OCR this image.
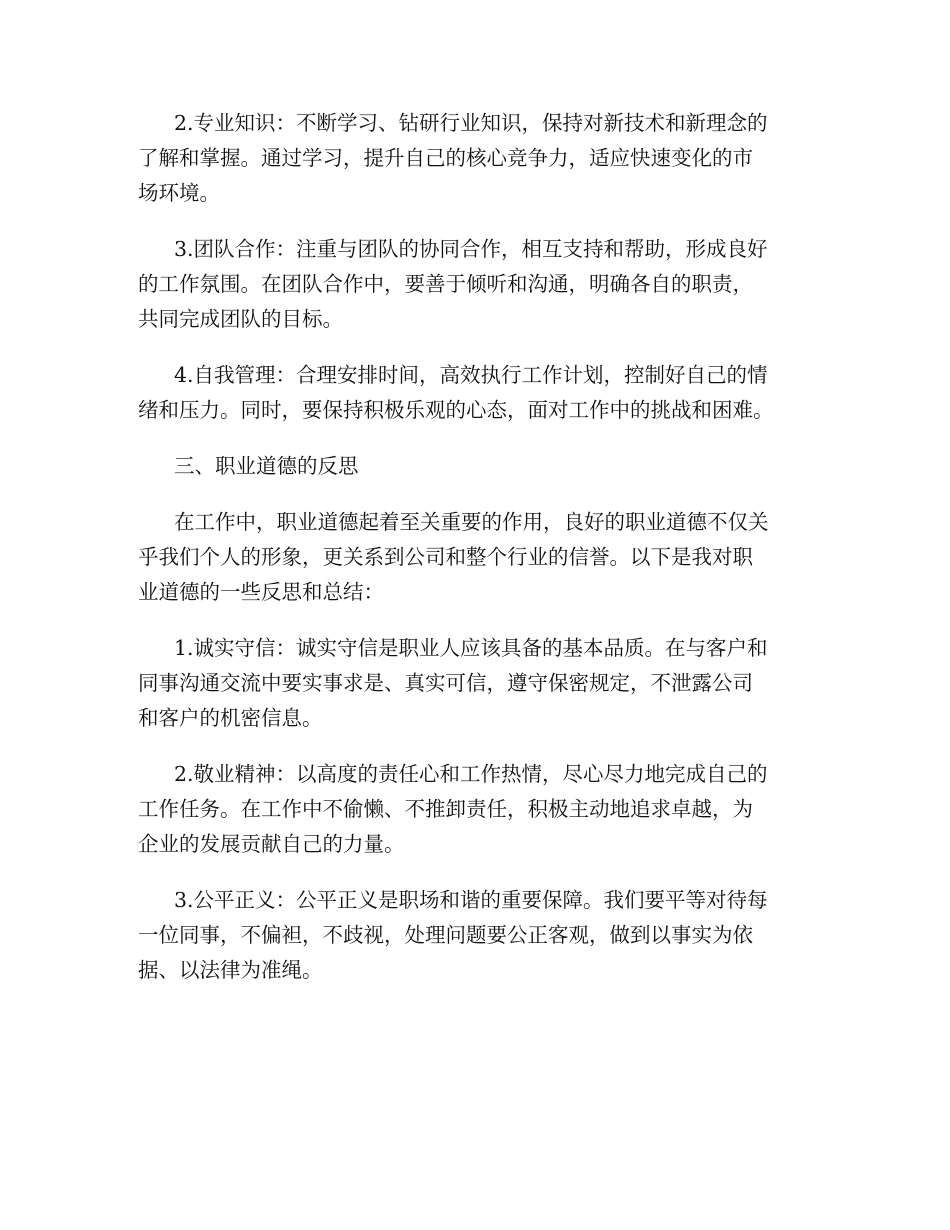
2.专业知识：不断学习、钻研行业知识，保持对新技术和新理念的
了解和掌握。通过学习，提升自己的核心竞争力，适应快速变化的市
场环境。
3.团队合作：注重与团队的协同合作，相互支持和帮助，形成良好
的工作氛围。在团队合作中，要善于倾听和沟通，明确各自的职责，
共同完成团队的目标。
4.自我管理：合理安排时间，高效执行工作计划，控制好自己的情
绪和压力。同时，要保持积极乐观的心态，面对工作中的挑战和困难。
三、职业道德的反思
在工作中，职业道德起着至关重要的作用，良好的职业道德不仅关
乎我们个人的形象，更关系到公司和整个行业的信誉。以下是我对职
业道德的一些反思和总结：
1.诚实守信：诚实守信是职业人应该具备的基本品质。在与客户和
同事沟通交流中要实事求是、真实可信，遵守保密规定，不泄露公司
和客户的机密信息。
2.敬业精神：以高度的责任心和工作热情，尽心尽力地完成自己的
工作任务。在工作中不偷懒、不推卸责任，积极主动地追求卓越，为
企业的发展贡献自己的力量。
3.公平正义：公平正义是职场和谐的重要保障。我们要平等对待每
一位同事，不偏袒，不歧视，处理问题要公正客观，做到以事实为依
据、以法律为准绳。
